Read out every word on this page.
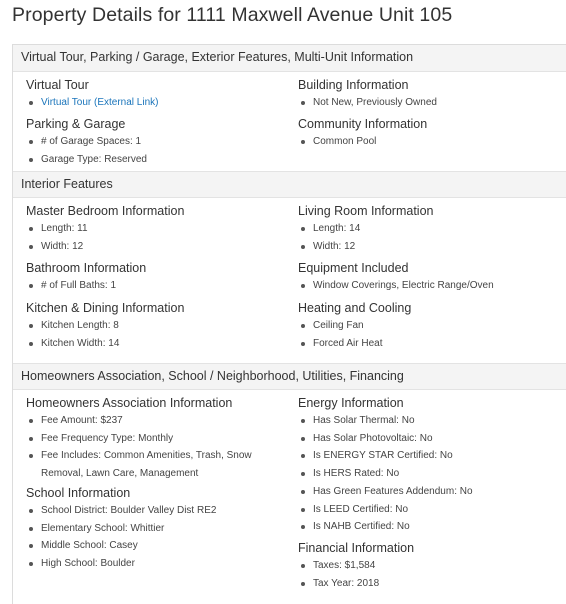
Property Details for 1111 Maxwell Avenue Unit 105
Virtual Tour, Parking / Garage, Exterior Features, Multi-Unit Information
Virtual Tour
Virtual Tour (External Link)
Building Information
Not New, Previously Owned
Parking & Garage
# of Garage Spaces: 1
Garage Type: Reserved
Community Information
Common Pool
Interior Features
Master Bedroom Information
Length: 11
Width: 12
Living Room Information
Length: 14
Width: 12
Bathroom Information
# of Full Baths: 1
Equipment Included
Window Coverings, Electric Range/Oven
Kitchen & Dining Information
Kitchen Length: 8
Kitchen Width: 14
Heating and Cooling
Ceiling Fan
Forced Air Heat
Homeowners Association, School / Neighborhood, Utilities, Financing
Homeowners Association Information
Fee Amount: $237
Fee Frequency Type: Monthly
Fee Includes: Common Amenities, Trash, Snow Removal, Lawn Care, Management
Energy Information
Has Solar Thermal: No
Has Solar Photovoltaic: No
Is ENERGY STAR Certified: No
Is HERS Rated: No
Has Green Features Addendum: No
Is LEED Certified: No
Is NAHB Certified: No
School Information
School District: Boulder Valley Dist RE2
Elementary School: Whittier
Middle School: Casey
High School: Boulder
Financial Information
Taxes: $1,584
Tax Year: 2018
